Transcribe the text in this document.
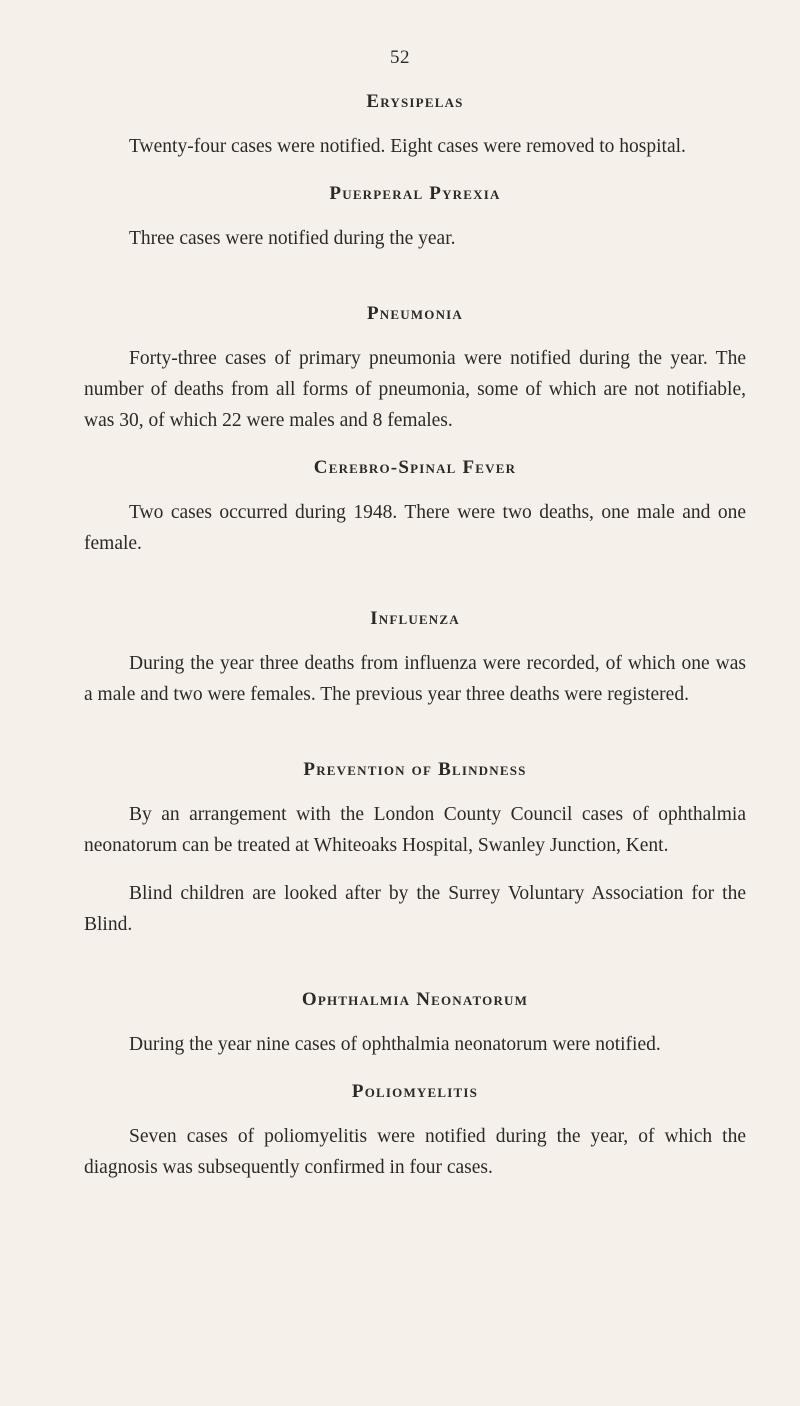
52
Erysipelas

Twenty-four cases were notified. Eight cases were removed to hospital.

Puerperal Pyrexia

Three cases were notified during the year.

Pneumonia

Forty-three cases of primary pneumonia were notified during the year. The number of deaths from all forms of pneumonia, some of which are not notifiable, was 30, of which 22 were males and 8 females.

Cerebro-Spinal Fever

Two cases occurred during 1948. There were two deaths, one male and one female.

Influenza

During the year three deaths from influenza were recorded, of which one was a male and two were females. The previous year three deaths were registered.

Prevention of Blindness

By an arrangement with the London County Council cases of ophthalmia neonatorum can be treated at Whiteoaks Hospital, Swanley Junction, Kent.

Blind children are looked after by the Surrey Voluntary Association for the Blind.

Ophthalmia Neonatorum

During the year nine cases of ophthalmia neonatorum were notified.

Poliomyelitis

Seven cases of poliomyelitis were notified during the year, of which the diagnosis was subsequently confirmed in four cases.
